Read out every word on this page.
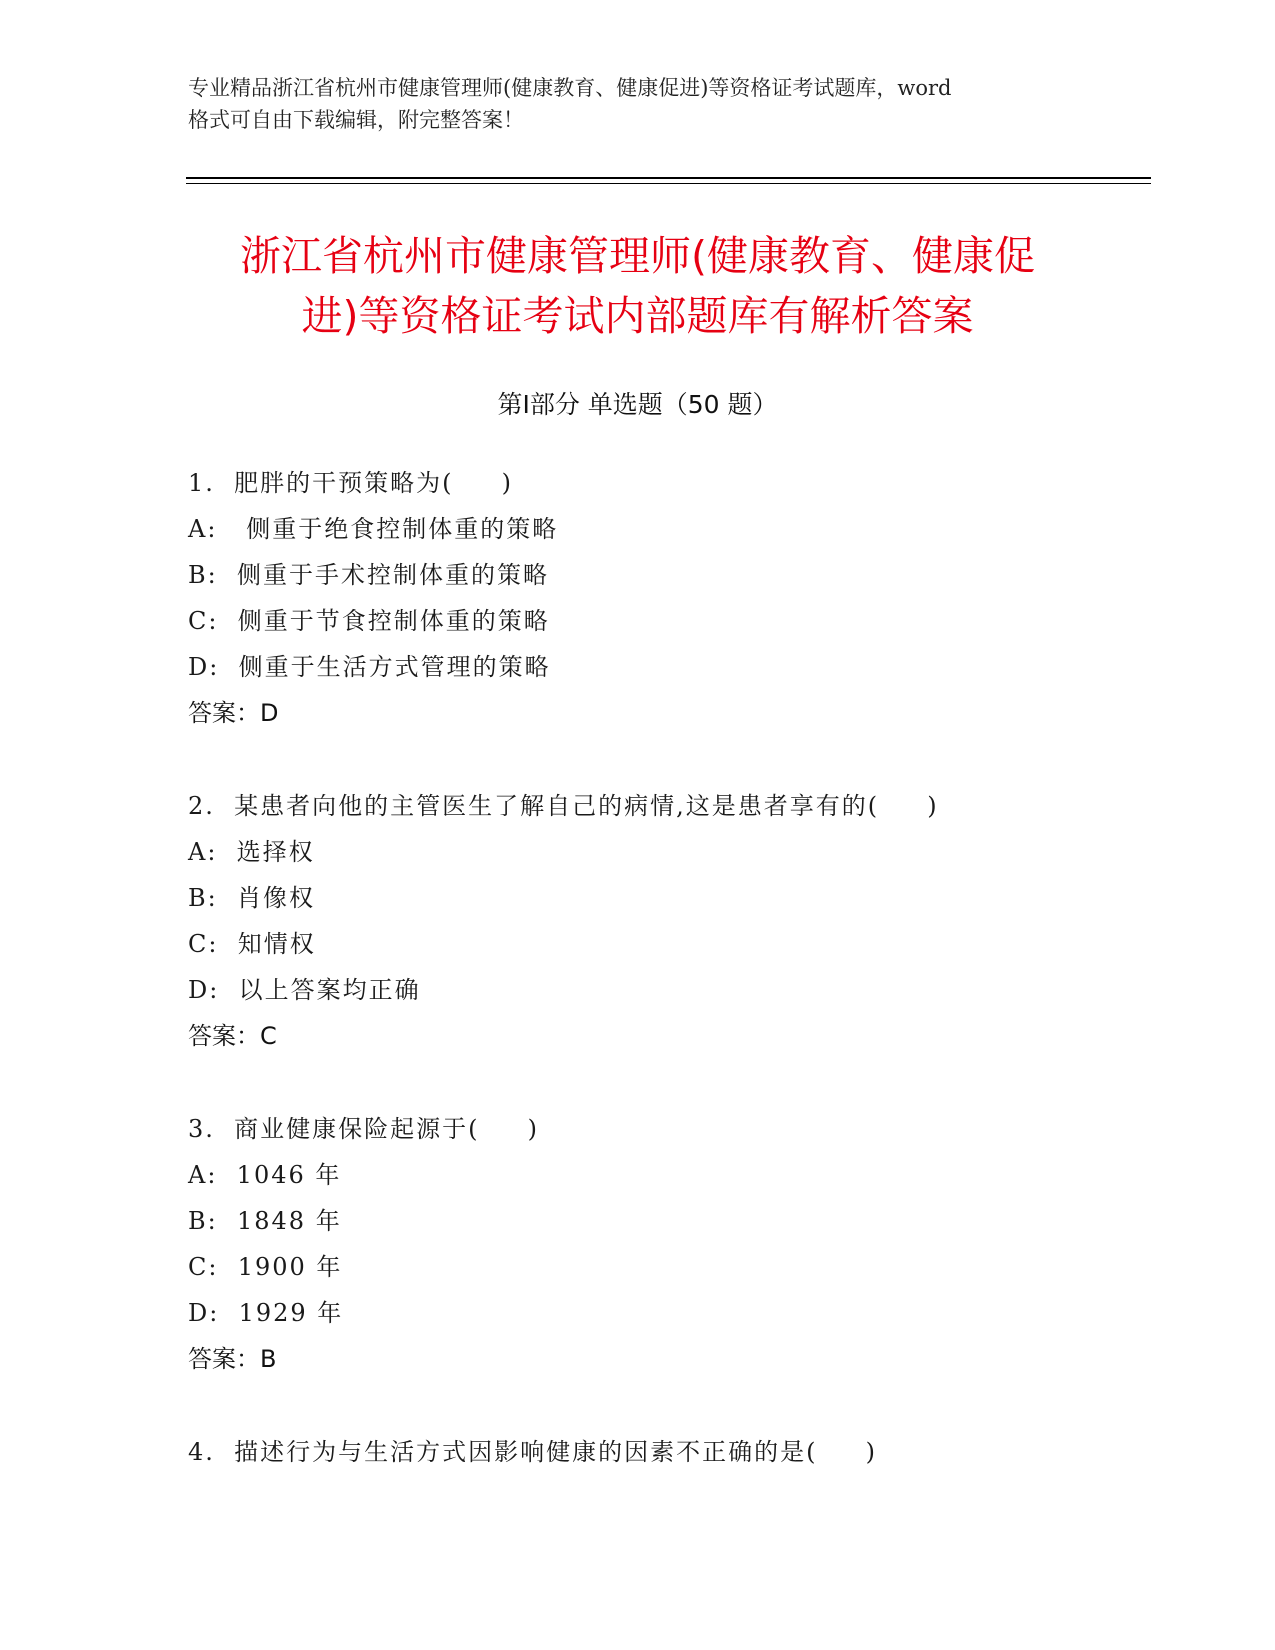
专业精品浙江省杭州市健康管理师(健康教育、健康促进)等资格证考试题库，word
格式可自由下载编辑，附完整答案！
浙江省杭州市健康管理师(健康教育、健康促
进)等资格证考试内部题库有解析答案
第Ⅰ部分 单选题（50 题）
1.  肥胖的干预策略为(     )
A:   侧重于绝食控制体重的策略
B:  侧重于手术控制体重的策略
C:  侧重于节食控制体重的策略
D:  侧重于生活方式管理的策略
答案：D
2.  某患者向他的主管医生了解自己的病情,这是患者享有的(     )
A:  选择权
B:  肖像权
C:  知情权
D:  以上答案均正确
答案：C
3.  商业健康保险起源于(     )
A:  1046 年
B:  1848 年
C:  1900 年
D:  1929 年
答案：B
4.  描述行为与生活方式因影响健康的因素不正确的是(     )
